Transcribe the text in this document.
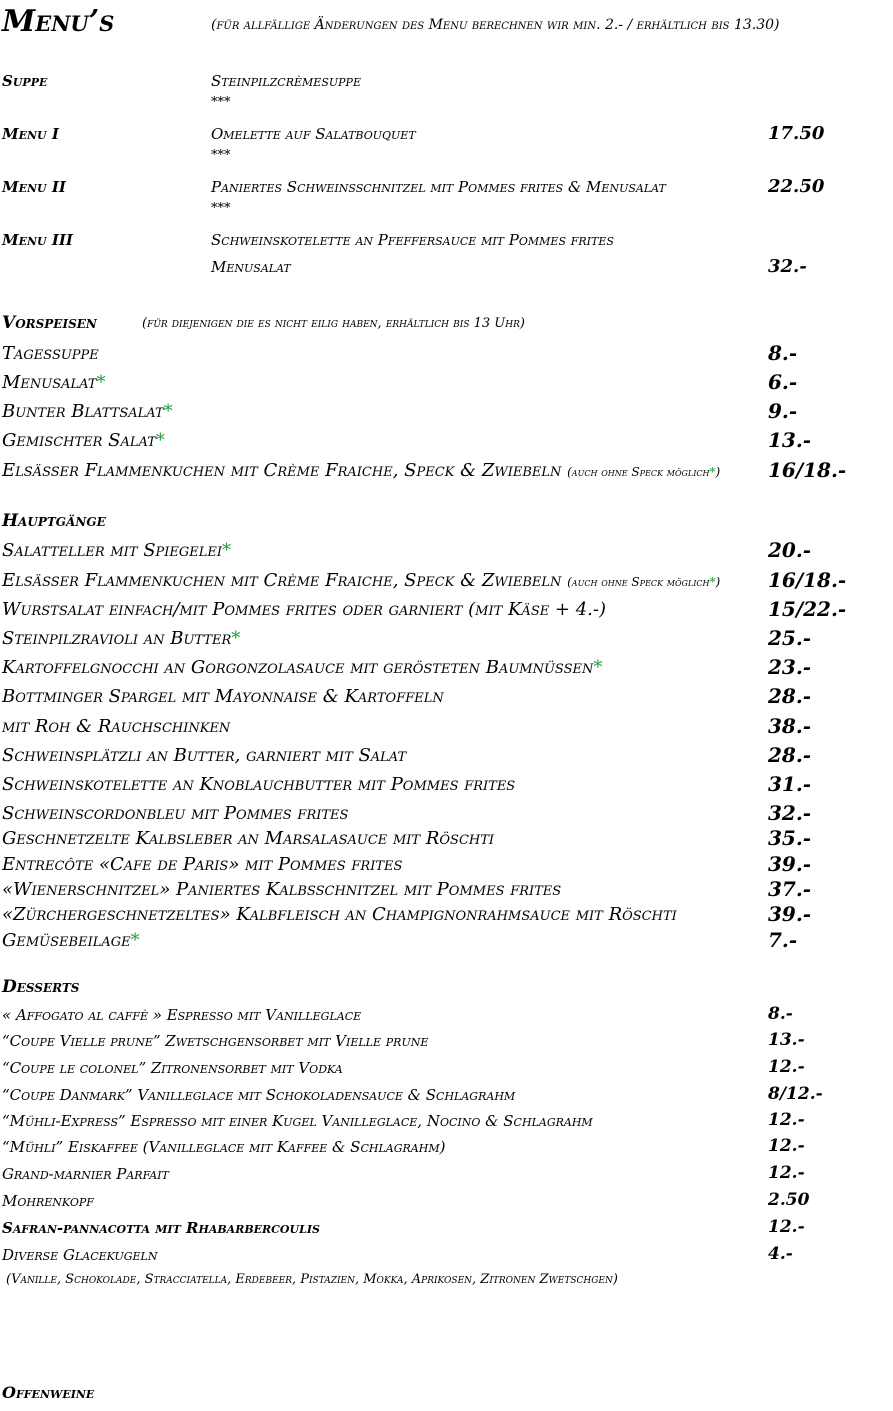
Menu’s	(für allfällige Änderungen des Menu berechnen wir min. 2.- / erhältlich bis 13.30)
Suppe	Steinpilzcrèmesuppe
***
Menu I	Omelette auf Salatbouquet	17.50
***
Menu II	Paniertes Schweinsschnitzel mit Pommes frites & Menusalat	22.50
***
Menu III	Schweinskotelette an Pfeffersauce mit Pommes frites
Menusalat	32.-
Vorspeisen	(für diejenigen die es nicht eilig haben, erhältlich bis 13 Uhr)
Tagessuppe	8.-
Menusalat*	6.-
Bunter Blattsalat*	9.-
Gemischter Salat*	13.-
Elsässer Flammenkuchen mit Crème Fraiche, Speck & Zwiebeln (auch ohne Speck möglich*) 16/18.-
Hauptgänge
Salatteller mit Spiegelei*	20.-
Elsässer Flammenkuchen mit Crème Fraiche, Speck & Zwiebeln (auch ohne Speck möglich*) 16/18.-
Wurstsalat einfach/mit Pommes frites oder garniert (mit Käse + 4.-)	15/22.-
Steinpilzravioli an Butter*	25.-
Kartoffelgnocchi an Gorgonzolasauce mit gerösteten Baumnüssen*	23.-
Bottminger Spargel mit Mayonnaise & Kartoffeln	28.-
mit Roh & Rauchschinken	38.-
Schweinsplätzli an Butter, garniert mit Salat	28.-
Schweinskotelette an Knoblauchbutter mit Pommes frites	31.-
Schweinscordonbleu mit Pommes frites	32.-
Geschnetzelte Kalbsleber an Marsalasauce mit Röschti	35.-
Entrecôte «Cafe de Paris» mit Pommes frites	39.-
«Wienerschnitzel» Paniertes Kalbsschnitzel mit Pommes frites	37.-
«Zürchergeschnetzeltes» Kalbfleisch an Champignonrahmsauce mit Röschti	39.-
Gemüsebeilage*	7.-
Desserts
« Affogato al caffè » Espresso mit Vanilleglace	8.-
“Coupe Vielle prune” Zwetschgensorbet mit Vielle prune	13.-
“Coupe le colonel” Zitronensorbet mit Vodka	12.-
“Coupe Danmark” Vanilleglace mit Schokoladensauce & Schlagrahm	8/12.-
“Mühli-Express” Espresso mit einer Kugel Vanilleglace, Nocino & Schlagrahm	12.-
“Mühli” Eiskaffee (Vanilleglace mit Kaffee & Schlagrahm)	12.-
Grand-marnier Parfait	12.-
Mohrenkopf	2.50
Safran-pannacotta mit Rhabarbercoulis	12.-
Diverse Glacekugeln	4.-
(Vanille, Schokolade, Stracciatella, Erdebeer, Pistazien, Mokka, Aprikosen, Zitronen Zwetschgen)
Offenweine
